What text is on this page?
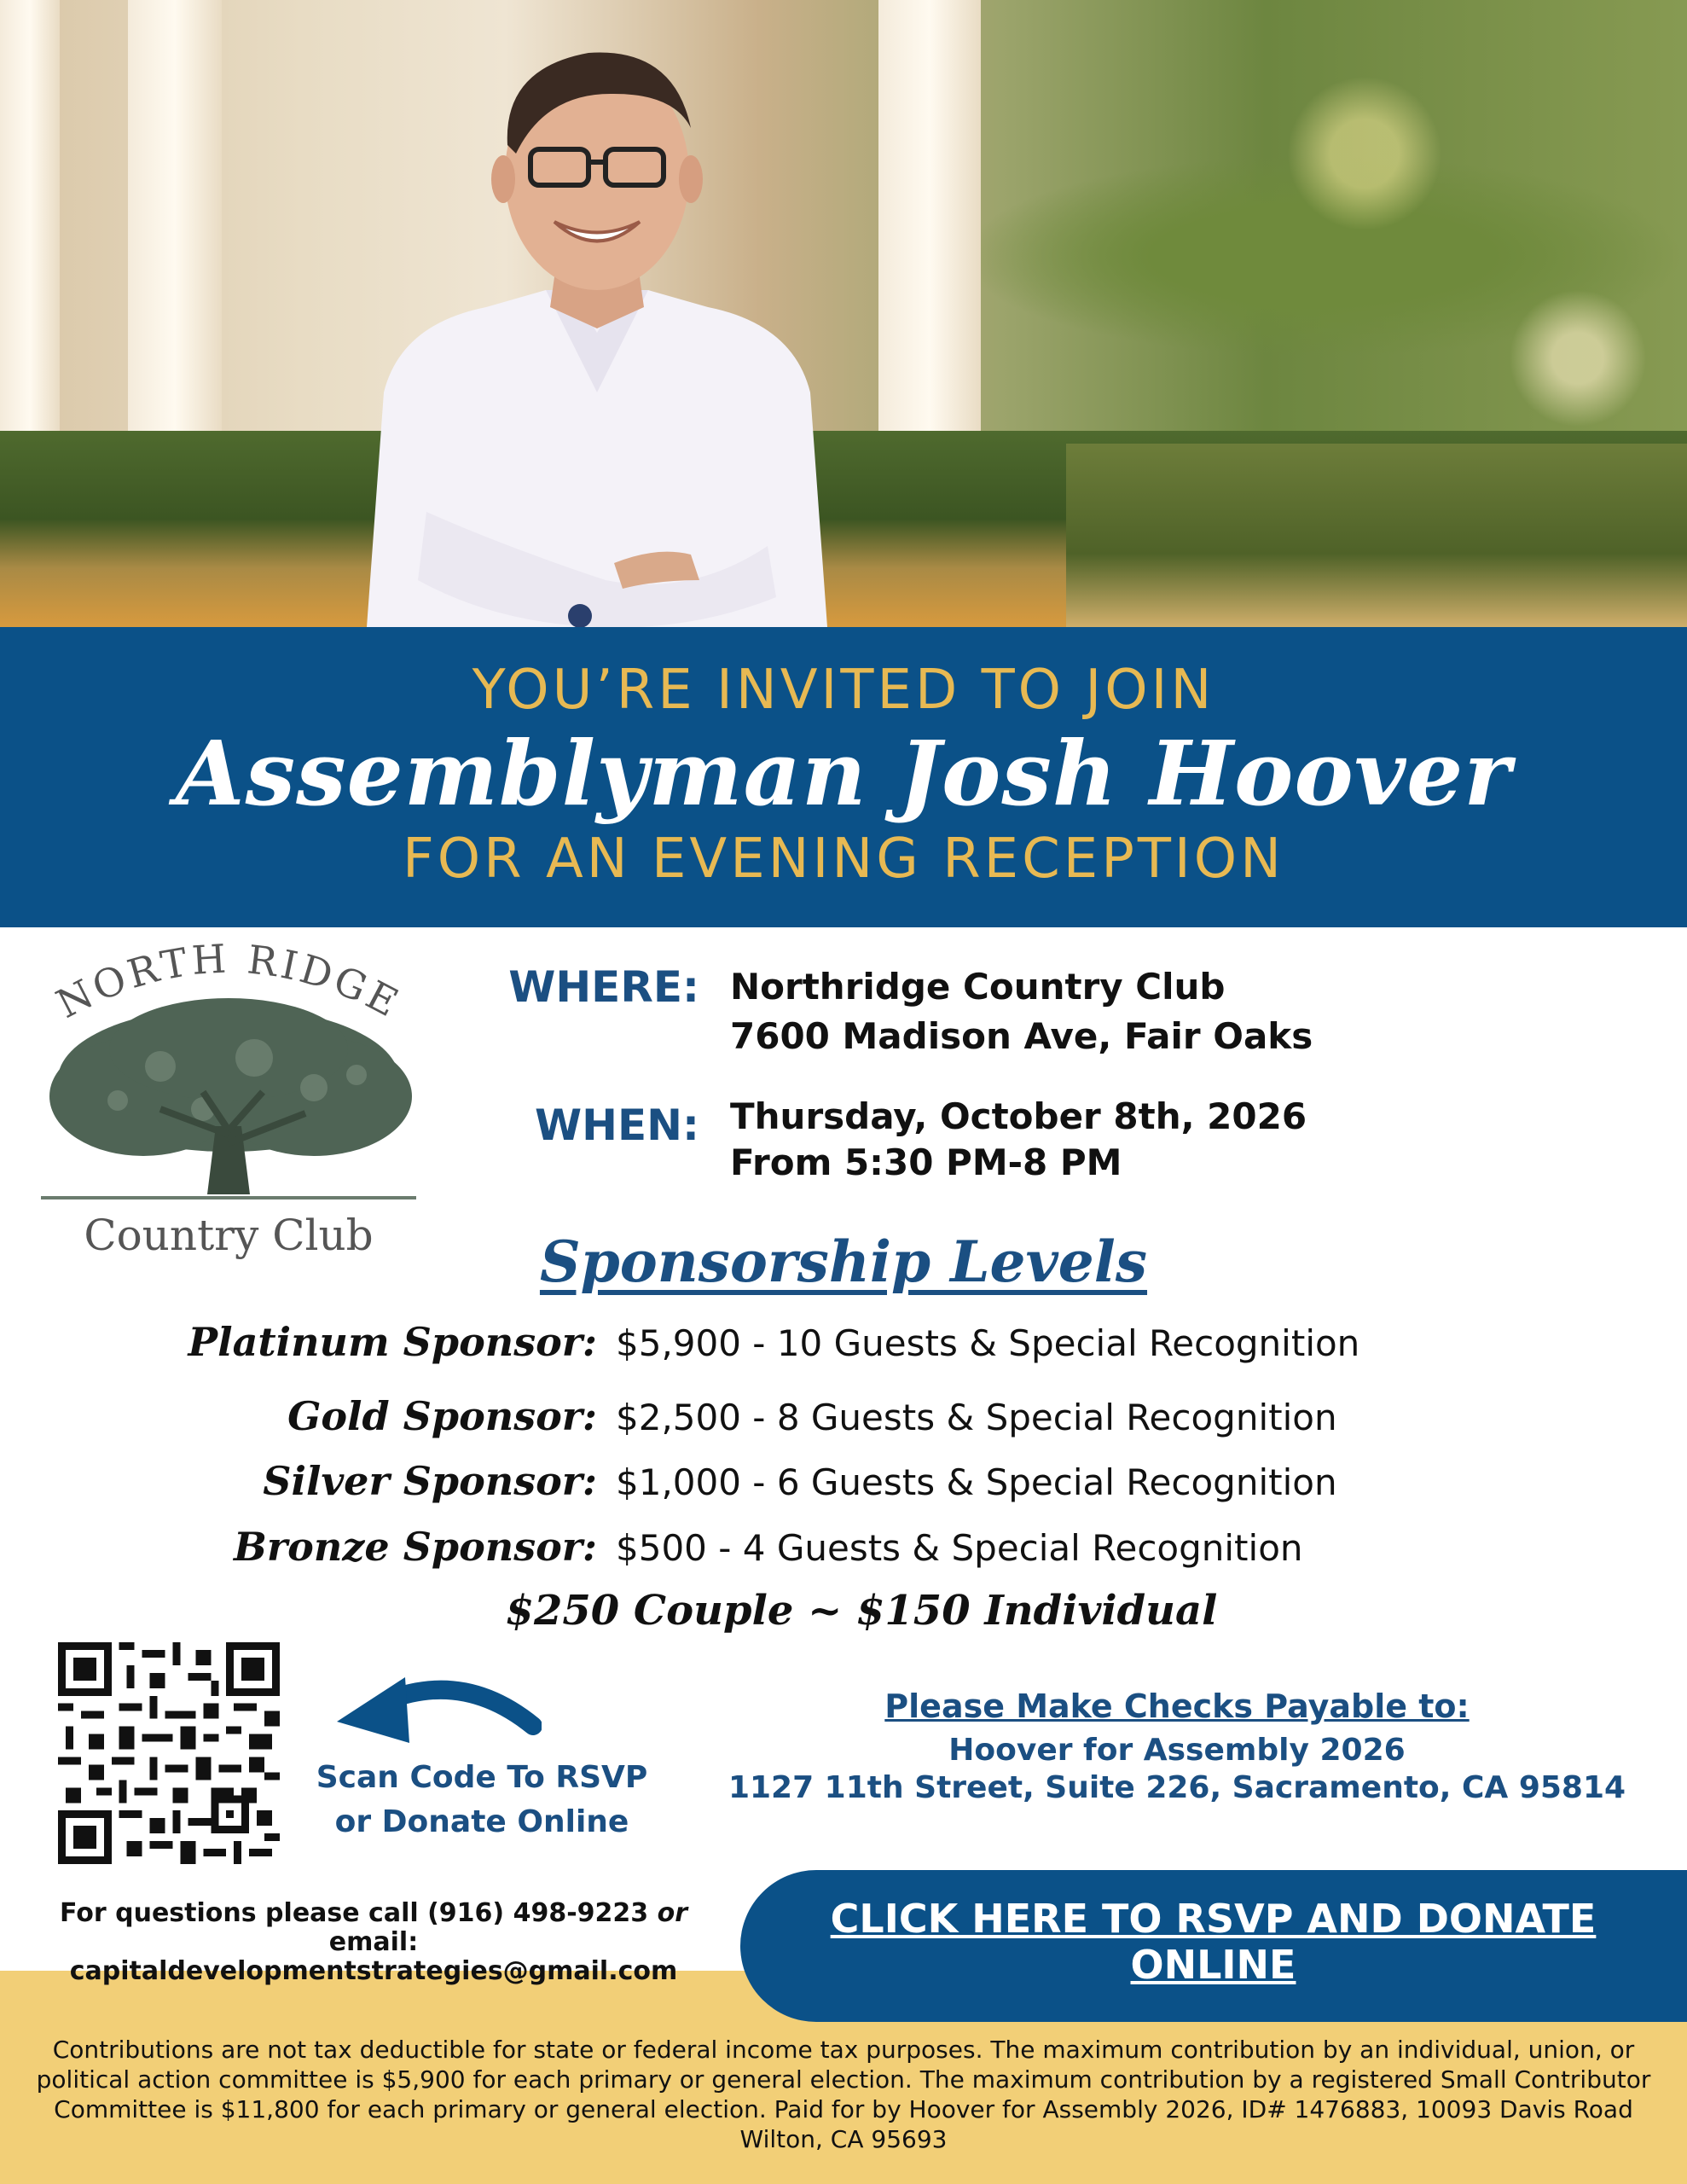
YOU’RE INVITED TO JOIN
Assemblyman Josh Hoover
FOR AN EVENING RECEPTION
NORTH RIDGE
Country Club
WHERE: Northridge Country Club
7600 Madison Ave, Fair Oaks
WHEN: Thursday, October 8th, 2026
From 5:30 PM-8 PM
Sponsorship Levels
Platinum Sponsor: $5,900 - 10 Guests & Special Recognition
Gold Sponsor: $2,500 - 8 Guests & Special Recognition
Silver Sponsor: $1,000 - 6 Guests & Special Recognition
Bronze Sponsor: $500 - 4 Guests & Special Recognition
$250 Couple ~ $150 Individual
Scan Code To RSVP
or Donate Online
Please Make Checks Payable to:
Hoover for Assembly 2026
1127 11th Street, Suite 226, Sacramento, CA 95814
For questions please call (916) 498-9223 or email:
capitaldevelopmentstrategies@gmail.com
CLICK HERE TO RSVP AND DONATE
ONLINE
Contributions are not tax deductible for state or federal income tax purposes. The maximum contribution by an individual, union, or political action committee is $5,900 for each primary or general election. The maximum contribution by a registered Small Contributor Committee is $11,800 for each primary or general election. Paid for by Hoover for Assembly 2026, ID# 1476883, 10093 Davis Road Wilton, CA 95693
